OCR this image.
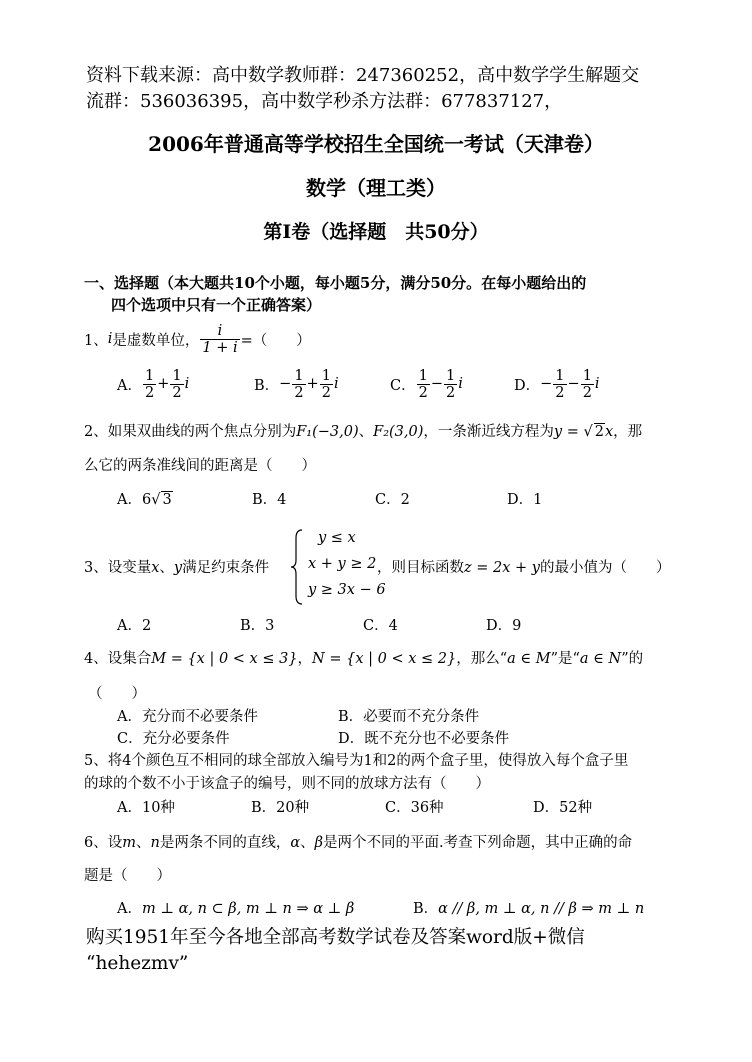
资料下载来源：高中数学教师群：247360252，高中数学学生解题交
流群：536036395，高中数学秒杀方法群：677837127，
2006年普通高等学校招生全国统一考试（天津卷）
数学（理工类）
第Ⅰ卷（选择题　共50分）
一、选择题（本大题共10个小题，每小题5分，满分50分。在每小题给出的
四个选项中只有一个正确答案）
1、 i 是虚数单位， $\frac{i}{1 + i}$ =（　　）
A． $\frac{1}{2} + \frac{1}{2}$ i	B． − $\frac{1}{2} + \frac{1}{2}$ i	C． $\frac{1}{2} - \frac{1}{2}$ i	D． − $\frac{1}{2} - \frac{1}{2}$ i
2、如果双曲线的两个焦点分别为F₁(−3,0)、F₂(3,0)，一条渐近线方程为y = √ 2x，那
么它的两条准线间的距离是（　　）
A．6√ 3	B．4	C．2	D．1
3、设变量x、y满足约束条件
y ≤ x
x + y ≥ 2
y ≥ 3x − 6
，则目标函数z = 2x + y的最小值为（　　）
A．2	B．3	C．4	D．9
4、设集合M = {x | 0 < x ≤ 3}，N = {x | 0 < x ≤ 2}，那么“a ∈ M”是“a ∈ N”的
（　　）
A．充分而不必要条件	B．必要而不充分条件
C．充分必要条件	D．既不充分也不必要条件
5、将4个颜色互不相同的球全部放入编号为1和2的两个盒子里，使得放入每个盒子里
的球的个数不小于该盒子的编号，则不同的放球方法有（　　）
A．10种	B．20种	C．36种	D．52种
6、设m、n是两条不同的直线，α、β是两个不同的平面.考查下列命题，其中正确的命
题是（　　）
A．m ⊥ α, n ⊂ β, m ⊥ n ⇒ α ⊥ β	B．α // β, m ⊥ α, n // β ⇒ m ⊥ n
购买1951年至今各地全部高考数学试卷及答案word版+微信
“hehezmv”
